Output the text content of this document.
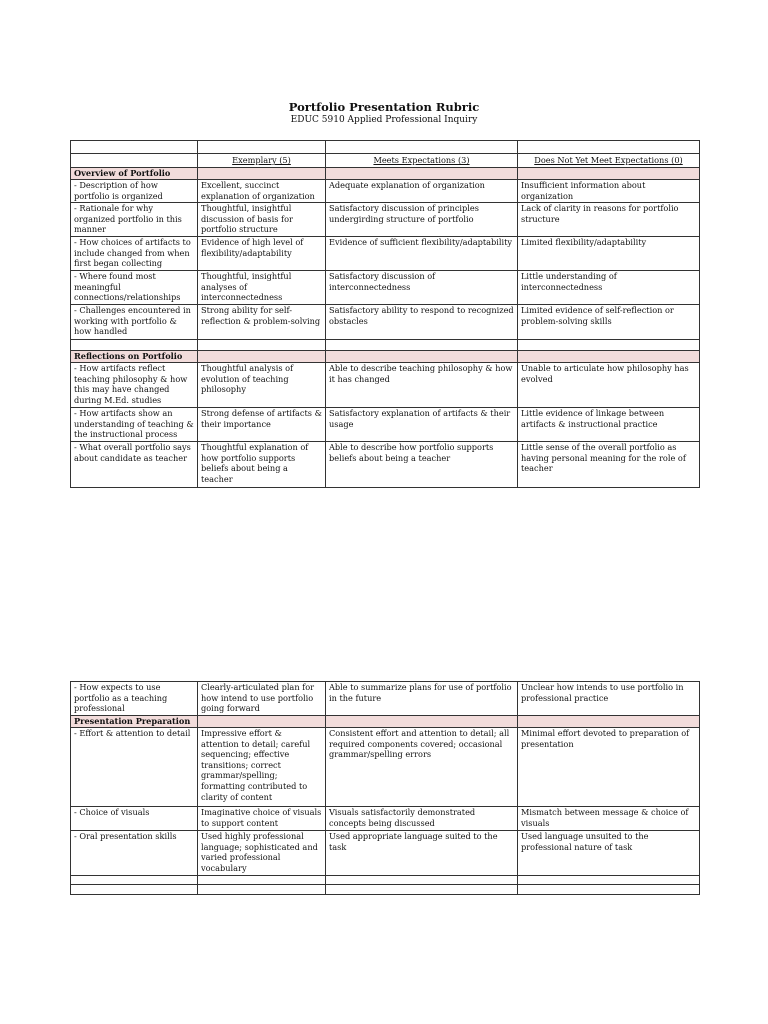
Portfolio Presentation Rubric
EDUC 5910 Applied Professional Inquiry

	Exemplary (5)	Meets Expectations (3)	Does Not Yet Meet Expectations (0)
Overview of Portfolio			
- Description of how portfolio is organized	Excellent, succinct explanation of organization	Adequate explanation of organization	Insufficient information about organization
- Rationale for why organized portfolio in this manner	Thoughtful, insightful discussion of basis for portfolio structure	Satisfactory discussion of principles undergirding structure of portfolio	Lack of clarity in reasons for portfolio structure
- How choices of artifacts to include changed from when first began collecting	Evidence of high level of flexibility/adaptability	Evidence of sufficient flexibility/adaptability	Limited flexibility/adaptability
- Where found most meaningful connections/relationships	Thoughtful, insightful analyses of interconnectedness	Satisfactory discussion of interconnectedness	Little understanding of interconnectedness
- Challenges encountered in working with portfolio & how handled	Strong ability for self-reflection & problem-solving	Satisfactory ability to respond to recognized obstacles	Limited evidence of self-reflection or problem-solving skills

Reflections on Portfolio			
- How artifacts reflect teaching philosophy & how this may have changed during M.Ed. studies	Thoughtful analysis of evolution of teaching philosophy	Able to describe teaching philosophy & how it has changed	Unable to articulate how philosophy has evolved
- How artifacts show an understanding of teaching & the instructional process	Strong defense of artifacts & their importance	Satisfactory explanation of artifacts & their usage	Little evidence of linkage between artifacts & instructional practice
- What overall portfolio says about candidate as teacher	Thoughtful explanation of how portfolio supports beliefs about being a teacher	Able to describe how portfolio supports beliefs about being a teacher	Little sense of the overall portfolio as having personal meaning for the role of teacher
- How expects to use portfolio as a teaching professional	Clearly-articulated plan for how intend to use portfolio going forward	Able to summarize plans for use of portfolio in the future	Unclear how intends to use portfolio in professional practice
Presentation Preparation			
- Effort & attention to detail	Impressive effort & attention to detail; careful sequencing; effective transitions; correct grammar/spelling; formatting contributed to clarity of content	Consistent effort and attention to detail; all required components covered; occasional grammar/spelling errors	Minimal effort devoted to preparation of presentation
- Choice of visuals	Imaginative choice of visuals to support content	Visuals satisfactorily demonstrated concepts being discussed	Mismatch between message & choice of visuals
- Oral presentation skills	Used highly professional language; sophisticated and varied professional vocabulary	Used appropriate language suited to the task	Used language unsuited to the professional nature of task
